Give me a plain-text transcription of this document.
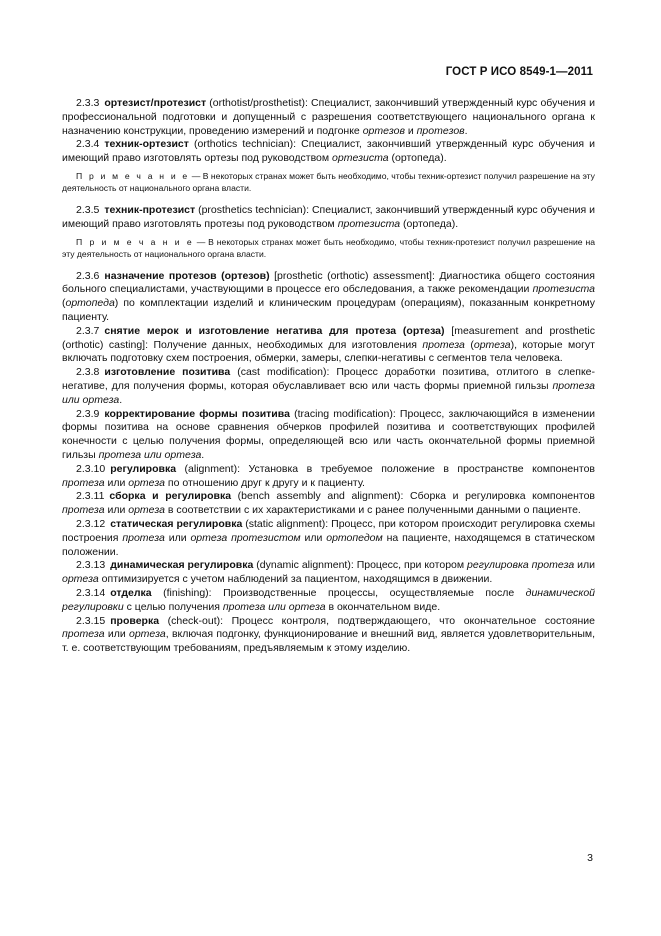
ГОСТ Р ИСО 8549-1—2011

2.3.3 ортезист/протезист (orthotist/prosthetist): Специалист, закончивший утвержденный курс обучения и профессиональной подготовки и допущенный с разрешения соответствующего национального органа к назначению конструкции, проведению измерений и подгонке ортезов и протезов.

2.3.4 техник-ортезист (orthotics technician): Специалист, закончивший утвержденный курс обучения и имеющий право изготовлять ортезы под руководством ортезиста (ортопеда).

П р и м е ч а н и е — В некоторых странах может быть необходимо, чтобы техник-ортезист получил разрешение на эту деятельность от национального органа власти.

2.3.5 техник-протезист (prosthetics technician): Специалист, закончивший утвержденный курс обучения и имеющий право изготовлять протезы под руководством протезиста (ортопеда).

П р и м е ч а н и е — В некоторых странах может быть необходимо, чтобы техник-протезист получил разрешение на эту деятельность от национального органа власти.

2.3.6 назначение протезов (ортезов) [prosthetic (orthotic) assessment]: Диагностика общего состояния больного специалистами, участвующими в процессе его обследования, а также рекомендации протезиста (ортопеда) по комплектации изделий и клиническим процедурам (операциям), показанным конкретному пациенту.

2.3.7 снятие мерок и изготовление негатива для протеза (ортеза) [measurement and prosthetic (orthotic) casting]: Получение данных, необходимых для изготовления протеза (ортеза), которые могут включать подготовку схем построения, обмерки, замеры, слепки-негативы с сегментов тела человека.

2.3.8 изготовление позитива (cast modification): Процесс доработки позитива, отлитого в слепке-негативе, для получения формы, которая обуславливает всю или часть формы приемной гильзы протеза или ортеза.

2.3.9 корректирование формы позитива (tracing modification): Процесс, заключающийся в изменении формы позитива на основе сравнения обчерков профилей позитива и соответствующих профилей конечности с целью получения формы, определяющей всю или часть окончательной формы приемной гильзы протеза или ортеза.

2.3.10 регулировка (alignment): Установка в требуемое положение в пространстве компонентов протеза или ортеза по отношению друг к другу и к пациенту.

2.3.11 сборка и регулировка (bench assembly and alignment): Сборка и регулировка компонентов протеза или ортеза в соответствии с их характеристиками и с ранее полученными данными о пациенте.

2.3.12 статическая регулировка (static alignment): Процесс, при котором происходит регулировка схемы построения протеза или ортеза протезистом или ортопедом на пациенте, находящемся в статическом положении.

2.3.13 динамическая регулировка (dynamic alignment): Процесс, при котором регулировка протеза или ортеза оптимизируется с учетом наблюдений за пациентом, находящимся в движении.

2.3.14 отделка (finishing): Производственные процессы, осуществляемые после динамической регулировки с целью получения протеза или ортеза в окончательном виде.

2.3.15 проверка (check-out): Процесс контроля, подтверждающего, что окончательное состояние протеза или ортеза, включая подгонку, функционирование и внешний вид, является удовлетворительным, т. е. соответствующим требованиям, предъявляемым к этому изделию.

3
